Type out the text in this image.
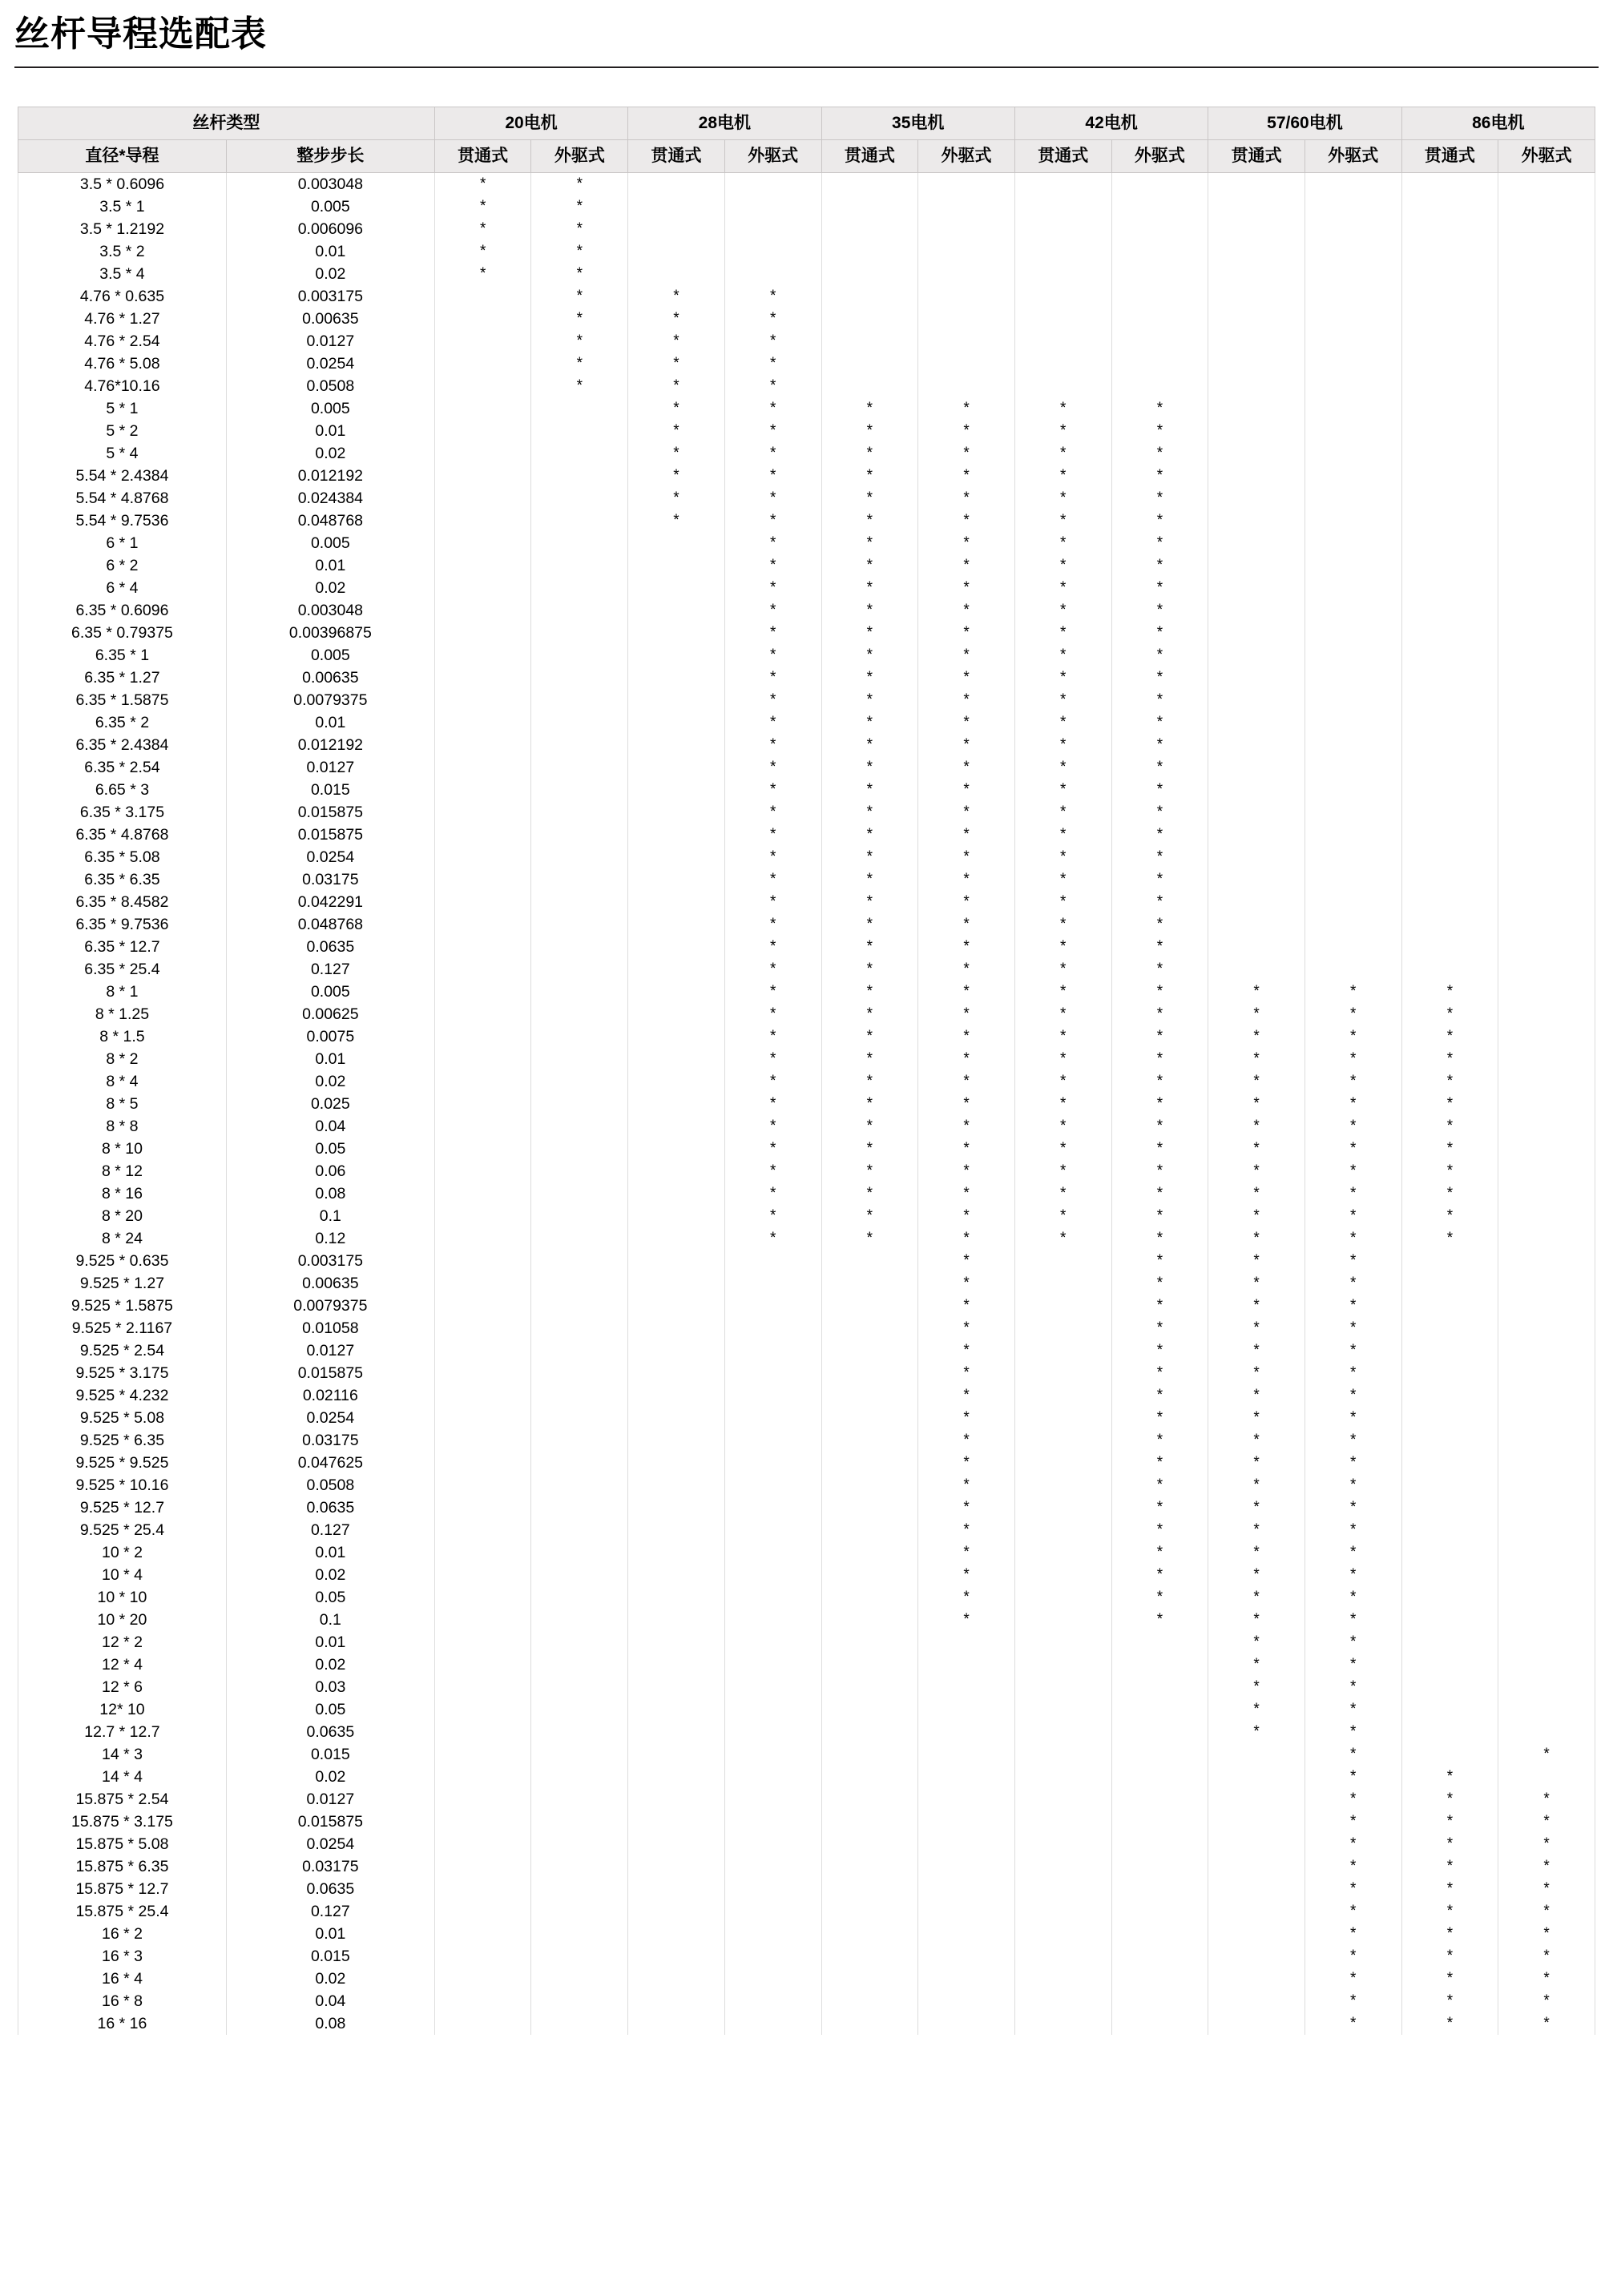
丝杆导程选配表
丝杆类型		20电机		28电机		35电机		42电机		57/60电机		86电机	
直径*导程	整步步长	贯通式	外驱式	贯通式	外驱式	贯通式	外驱式	贯通式	外驱式	贯通式	外驱式	贯通式	外驱式
3.5 * 0.6096	0.003048	*	*										
3.5 * 1	0.005	*	*										
3.5 * 1.2192	0.006096	*	*										
3.5 * 2	0.01	*	*										
3.5 * 4	0.02	*	*										
4.76 * 0.635	0.003175		*	*	*								
4.76 * 1.27	0.00635		*	*	*								
4.76 * 2.54	0.0127		*	*	*								
4.76 * 5.08	0.0254		*	*	*								
4.76*10.16	0.0508		*	*	*								
5 * 1	0.005			*	*	*	*	*	*				
5 * 2	0.01			*	*	*	*	*	*				
5 * 4	0.02			*	*	*	*	*	*				
5.54 * 2.4384	0.012192			*	*	*	*	*	*				
5.54 * 4.8768	0.024384			*	*	*	*	*	*				
5.54 * 9.7536	0.048768			*	*	*	*	*	*				
6 * 1	0.005				*	*	*	*	*				
6 * 2	0.01				*	*	*	*	*				
6 * 4	0.02				*	*	*	*	*				
6.35 * 0.6096	0.003048				*	*	*	*	*				
6.35 * 0.79375	0.00396875				*	*	*	*	*				
6.35 * 1	0.005				*	*	*	*	*				
6.35 * 1.27	0.00635				*	*	*	*	*				
6.35 * 1.5875	0.0079375				*	*	*	*	*				
6.35 * 2	0.01				*	*	*	*	*				
6.35 * 2.4384	0.012192				*	*	*	*	*				
6.35 * 2.54	0.0127				*	*	*	*	*				
6.65 * 3	0.015				*	*	*	*	*				
6.35 * 3.175	0.015875				*	*	*	*	*				
6.35 * 4.8768	0.015875				*	*	*	*	*				
6.35 * 5.08	0.0254				*	*	*	*	*				
6.35 * 6.35	0.03175				*	*	*	*	*				
6.35 * 8.4582	0.042291				*	*	*	*	*				
6.35 * 9.7536	0.048768				*	*	*	*	*				
6.35 * 12.7	0.0635				*	*	*	*	*				
6.35 * 25.4	0.127				*	*	*	*	*				
8 * 1	0.005				*	*	*	*	*	*	*	*	
8 * 1.25	0.00625				*	*	*	*	*	*	*	*	
8 * 1.5	0.0075				*	*	*	*	*	*	*	*	
8 * 2	0.01				*	*	*	*	*	*	*	*	
8 * 4	0.02				*	*	*	*	*	*	*	*	
8 * 5	0.025				*	*	*	*	*	*	*	*	
8 * 8	0.04				*	*	*	*	*	*	*	*	
8 * 10	0.05				*	*	*	*	*	*	*	*	
8 * 12	0.06				*	*	*	*	*	*	*	*	
8 * 16	0.08				*	*	*	*	*	*	*	*	
8 * 20	0.1				*	*	*	*	*	*	*	*	
8 * 24	0.12				*	*	*	*	*	*	*	*	
9.525 * 0.635	0.003175						*		*	*	*		
9.525 * 1.27	0.00635						*		*	*	*		
9.525 * 1.5875	0.0079375						*		*	*	*		
9.525 * 2.1167	0.01058						*		*	*	*		
9.525 * 2.54	0.0127						*		*	*	*		
9.525 * 3.175	0.015875						*		*	*	*		
9.525 * 4.232	0.02116						*		*	*	*		
9.525 * 5.08	0.0254						*		*	*	*		
9.525 * 6.35	0.03175						*		*	*	*		
9.525 * 9.525	0.047625						*		*	*	*		
9.525 * 10.16	0.0508						*		*	*	*		
9.525 * 12.7	0.0635						*		*	*	*		
9.525 * 25.4	0.127						*		*	*	*		
10 * 2	0.01						*		*	*	*		
10 * 4	0.02						*		*	*	*		
10 * 10	0.05						*		*	*	*		
10 * 20	0.1						*		*	*	*		
12 * 2	0.01									*	*		
12 * 4	0.02									*	*		
12 * 6	0.03									*	*		
12* 10	0.05									*	*		
12.7 * 12.7	0.0635									*	*		
14 * 3	0.015										*		*
14 * 4	0.02										*	*	
15.875 * 2.54	0.0127										*	*	*
15.875 * 3.175	0.015875										*	*	*
15.875 * 5.08	0.0254										*	*	*
15.875 * 6.35	0.03175										*	*	*
15.875 * 12.7	0.0635										*	*	*
15.875 * 25.4	0.127										*	*	*
16 * 2	0.01										*	*	*
16 * 3	0.015										*	*	*
16 * 4	0.02										*	*	*
16 * 8	0.04										*	*	*
16 * 16	0.08										*	*	*
